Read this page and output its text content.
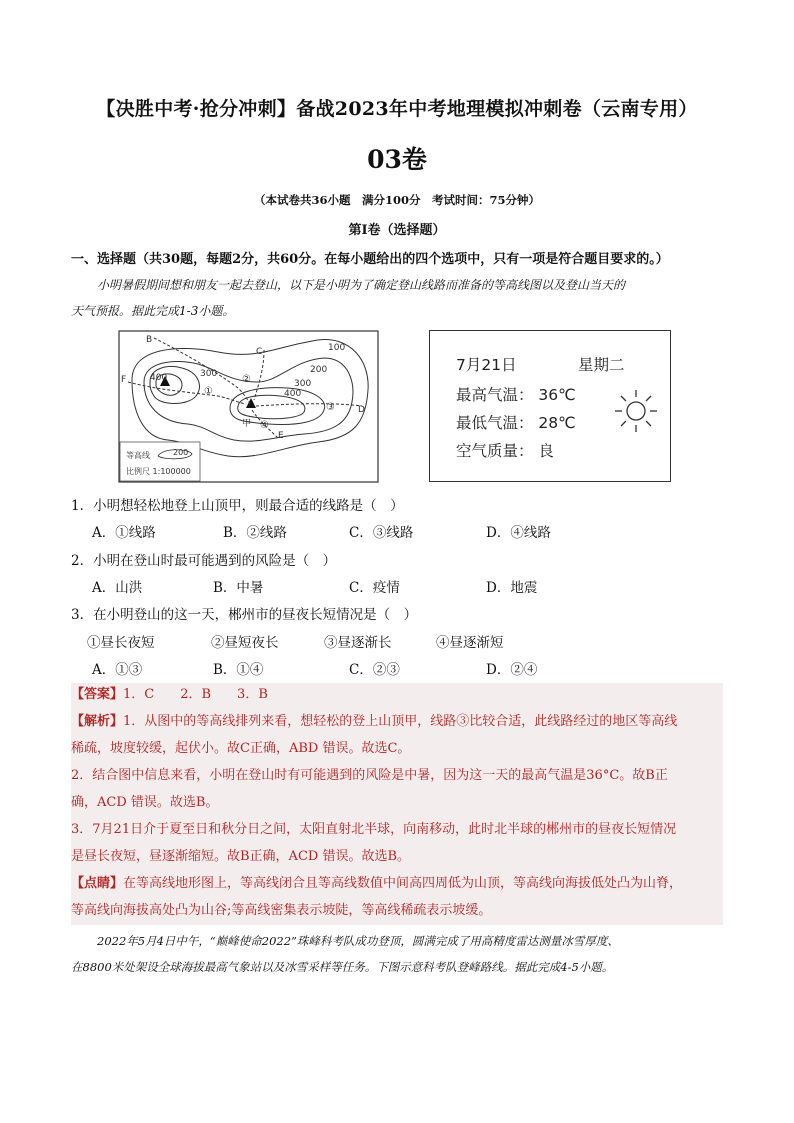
【决胜中考·抢分冲刺】备战2023年中考地理模拟冲刺卷（云南专用）
03卷
（本试卷共36小题　满分100分　考试时间：75分钟）
第Ⅰ卷（选择题）
一、选择题（共30题，每题2分，共60分。在每小题给出的四个选项中，只有一项是符合题目要求的。）
小明暑假期间想和朋友一起去登山，以下是小明为了确定登山线路而准备的等高线图以及登山当天的
天气预报。据此完成1-3小题。
B
C
D
E
F
甲
100
200
300
300
400
400
①
②
③
④
等高线	200
比例尺 1:100000
7月21日	星期二
最高气温： 36℃
最低气温： 28℃
空气质量： 良
1．小明想轻松地登上山顶甲，则最合适的线路是（　）
A．①线路	B．②线路	C．③线路	D．④线路
2．小明在登山时最可能遇到的风险是（　）
A．山洪	B．中暑	C．疫情	D．地震
3．在小明登山的这一天，郴州市的昼夜长短情况是（　）
①昼长夜短	②昼短夜长	③昼逐渐长	④昼逐渐短
A．①③	B．①④	C．②③	D．②④
【答案】1．C　　2．B　　3．B
【解析】1．从图中的等高线排列来看，想轻松的登上山顶甲，线路③比较合适，此线路经过的地区等高线
稀疏，坡度较缓，起伏小。故C正确，ABD 错误。故选C。
2．结合图中信息来看，小明在登山时有可能遇到的风险是中暑，因为这一天的最高气温是36°C。故B正
确，ACD 错误。故选B。
3．7月21日介于夏至日和秋分日之间，太阳直射北半球，向南移动，此时北半球的郴州市的昼夜长短情况
是昼长夜短，昼逐渐缩短。故B正确，ACD 错误。故选B。
【点睛】在等高线地形图上，等高线闭合且等高线数值中间高四周低为山顶，等高线向海拔低处凸为山脊，
等高线向海拔高处凸为山谷;等高线密集表示坡陡，等高线稀疏表示坡缓。
2022年5月4日中午，“巅峰使命2022”珠峰科考队成功登顶，圆满完成了用高精度雷达测量冰雪厚度、
在8800米处架设全球海拔最高气象站以及冰雪采样等任务。下图示意科考队登峰路线。据此完成4-5小题。
